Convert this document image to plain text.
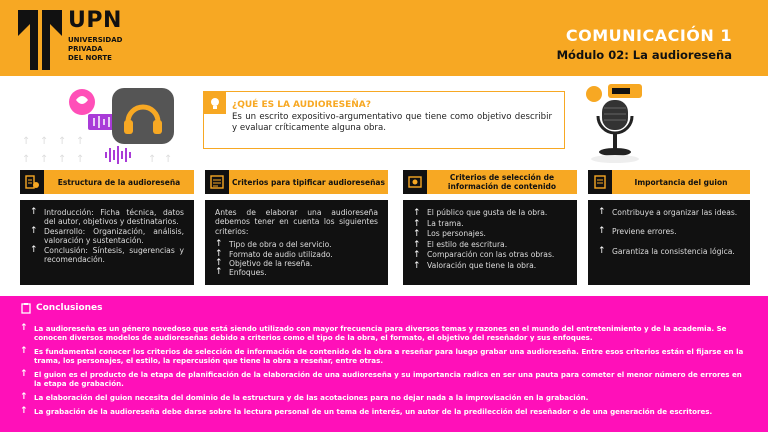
UPN
UNIVERSIDAD
PRIVADA
DEL NORTE
COMUNICACIÓN 1
Módulo 02: La audioreseña
↑ ↑ ↑ ↑
↑ ↑ ↑ ↑	↑ ↑
¿QUÉ ES LA AUDIORESEÑA?
Es un escrito expositivo-argumentativo que tiene como objetivo describir y evaluar críticamente alguna obra.
Estructura de la audioreseña
↑ Introducción: Ficha técnica, datos del autor, objetivos y destinatarios.
↑ Desarrollo: Organización, análisis, valoración y sustentación.
↑ Conclusión: Síntesis, sugerencias y recomendación.
Criterios para tipificar audioreseñas
Antes de elaborar una audioreseña debemos tener en cuenta los siguientes criterios:
↑ Tipo de obra o del servicio.
↑ Formato de audio utilizado.
↑ Objetivo de la reseña.
↑ Enfoques.
Criterios de selección de información de contenido
↑ El público que gusta de la obra.
↑ La trama.
↑ Los personajes.
↑ El estilo de escritura.
↑ Comparación con las otras obras.
↑ Valoración que tiene la obra.
Importancia del guion
↑ Contribuye a organizar las ideas.
↑ Previene errores.
↑ Garantiza la consistencia lógica.
Conclusiones
↑ La audioreseña es un género novedoso que está siendo utilizado con mayor frecuencia para diversos temas y razones en el mundo del entretenimiento y de la academia. Se conocen diversos modelos de audioreseñas debido a criterios como el tipo de la obra, el formato, el objetivo del reseñador y sus enfoques.
↑ Es fundamental conocer los criterios de selección de información de contenido de la obra a reseñar para luego grabar una audioreseña. Entre esos criterios están el fijarse en la trama, los personajes, el estilo, la repercusión que tiene la obra a reseñar, entre otras.
↑ El guion es el producto de la etapa de planificación de la elaboración de una audioreseña y su importancia radica en ser una pauta para cometer el menor número de errores en la etapa de grabación.
↑ La elaboración del guion necesita del dominio de la estructura y de las acotaciones para no dejar nada a la improvisación en la grabación.
↑ La grabación de la audioreseña debe darse sobre la lectura personal de un tema de interés, un autor de la predilección del reseñador o de una generación de escritores.
